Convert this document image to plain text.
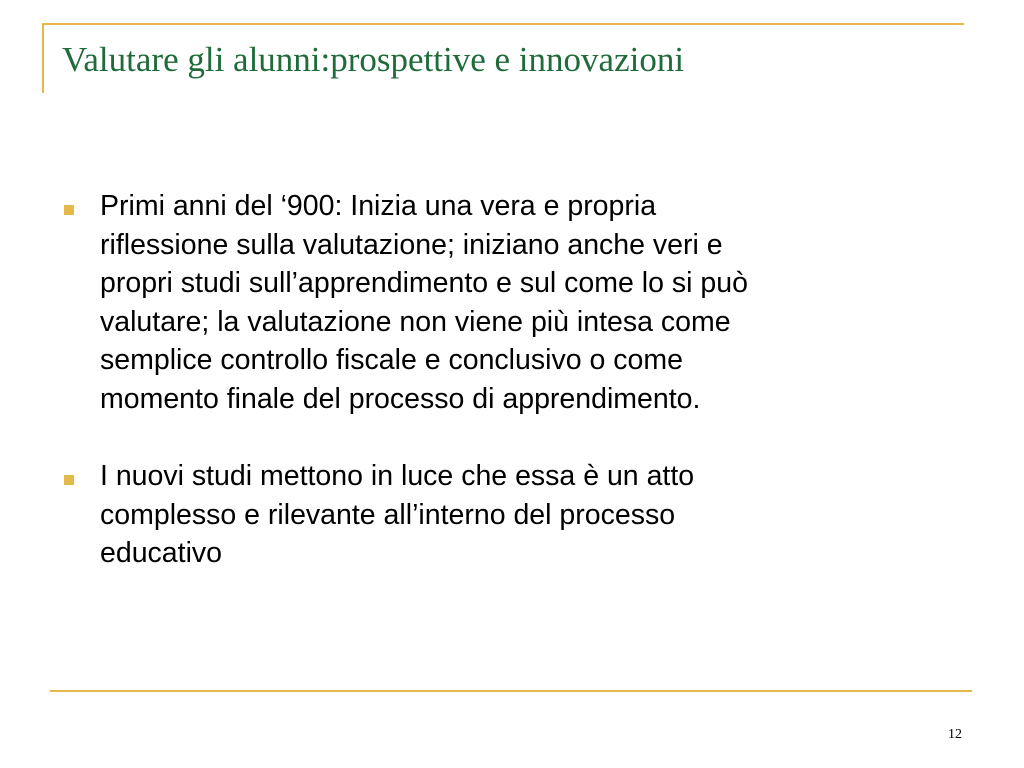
Valutare gli alunni:prospettive e innovazioni
Primi anni del ‘900: Inizia una vera e propria
riflessione sulla valutazione; iniziano anche veri e
propri studi sull’apprendimento e sul come lo si può
valutare; la valutazione non viene più intesa come
semplice controllo fiscale e conclusivo o come
momento finale del processo di apprendimento.
I nuovi studi mettono in luce che essa è un atto
complesso e rilevante all’interno del processo
educativo
12
